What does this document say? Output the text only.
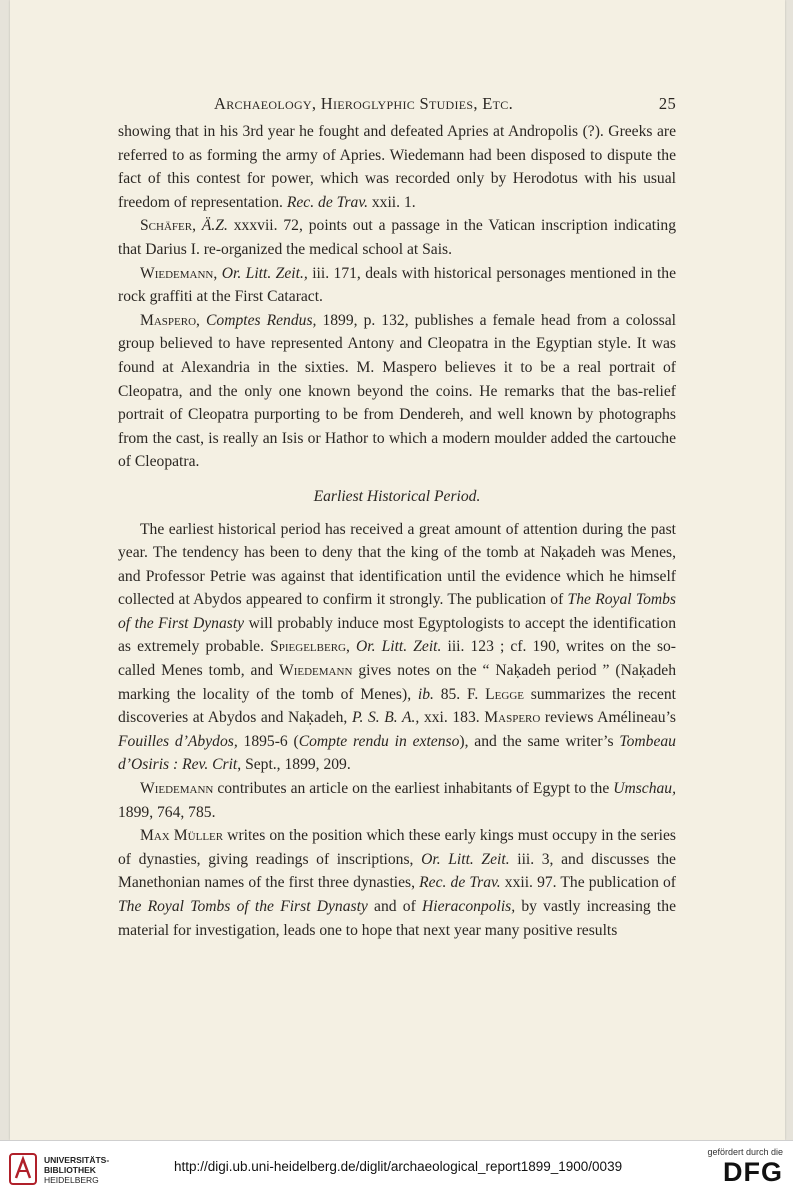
Archaeology, Hieroglyphic Studies, Etc.	25

showing that in his 3rd year he fought and defeated Apries at Andropolis (?). Greeks are referred to as forming the army of Apries. Wiedemann had been disposed to dispute the fact of this contest for power, which was recorded only by Herodotus with his usual freedom of representation. Rec. de Trav. xxii. 1.

Schäfer, Ä.Z. xxxvii. 72, points out a passage in the Vatican inscription indicating that Darius I. re-organized the medical school at Sais.

Wiedemann, Or. Litt. Zeit., iii. 171, deals with historical personages mentioned in the rock graffiti at the First Cataract.

Maspero, Comptes Rendus, 1899, p. 132, publishes a female head from a colossal group believed to have represented Antony and Cleopatra in the Egyptian style. It was found at Alexandria in the sixties. M. Maspero believes it to be a real portrait of Cleopatra, and the only one known beyond the coins. He remarks that the bas-relief portrait of Cleopatra purporting to be from Dendereh, and well known by photographs from the cast, is really an Isis or Hathor to which a modern moulder added the cartouche of Cleopatra.

Earliest Historical Period.

The earliest historical period has received a great amount of attention during the past year. The tendency has been to deny that the king of the tomb at Naḳadeh was Menes, and Professor Petrie was against that identification until the evidence which he himself collected at Abydos appeared to confirm it strongly. The publication of The Royal Tombs of the First Dynasty will probably induce most Egyptologists to accept the identification as extremely probable. Spiegelberg, Or. Litt. Zeit. iii. 123 ; cf. 190, writes on the so-called Menes tomb, and Wiedemann gives notes on the “ Naḳadeh period ” (Naḳadeh marking the locality of the tomb of Menes), ib. 85. F. Legge summarizes the recent discoveries at Abydos and Naḳadeh, P. S. B. A., xxi. 183. Maspero reviews Amélineau’s Fouilles d’Abydos, 1895-6 (Compte rendu in extenso), and the same writer’s Tombeau d’Osiris : Rev. Crit, Sept., 1899, 209.

Wiedemann contributes an article on the earliest inhabitants of Egypt to the Umschau, 1899, 764, 785.

Max Müller writes on the position which these early kings must occupy in the series of dynasties, giving readings of inscriptions, Or. Litt. Zeit. iii. 3, and discusses the Manethonian names of the first three dynasties, Rec. de Trav. xxii. 97. The publication of The Royal Tombs of the First Dynasty and of Hieraconpolis, by vastly increasing the material for investigation, leads one to hope that next year many positive results

UNIVERSITÄTS-
BIBLIOTHEK
HEIDELBERG
http://digi.ub.uni-heidelberg.de/diglit/archaeological_report1899_1900/0039
gefördert durch die
DFG
